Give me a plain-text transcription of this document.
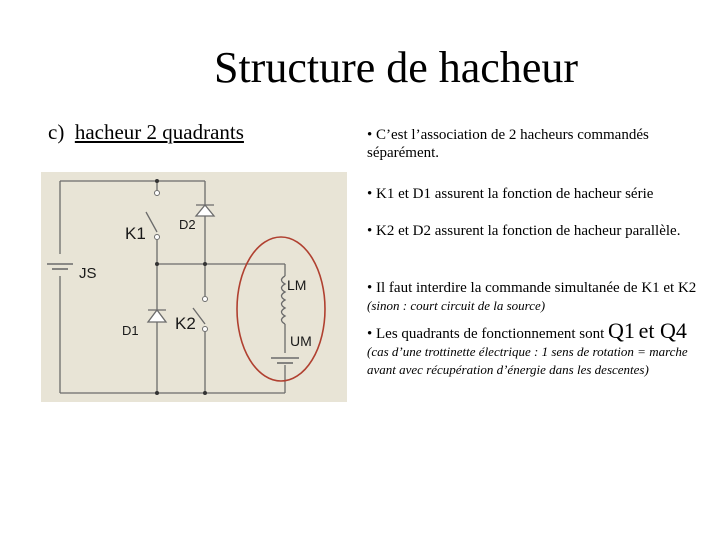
Structure de hacheur
c) hacheur 2 quadrants
K1	D2
JS
D1 K2
LM
UM

• C’est l’association de 2 hacheurs commandés séparément.

• K1 et D1 assurent la fonction de hacheur série

• K2 et D2 assurent la fonction de hacheur parallèle.

• Il faut interdire la commande simultanée de K1 et K2 (sinon : court circuit de la source)

• Les quadrants de fonctionnement sont Q1 et Q4 (cas d’une trottinette électrique : 1 sens de rotation = marche avant avec récupération d’énergie dans les descentes)
